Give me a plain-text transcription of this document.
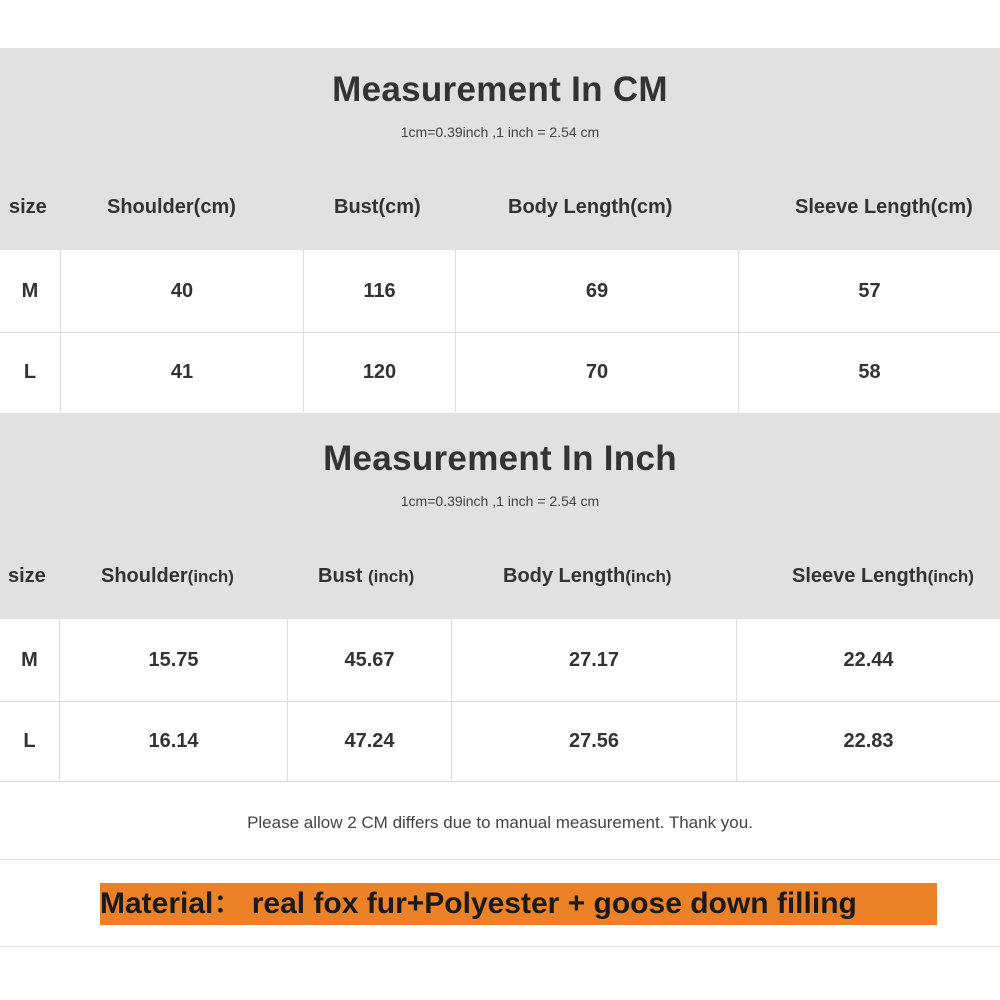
Measurement In CM
1cm=0.39inch ,1 inch = 2.54 cm
size	Shoulder(cm)	Bust(cm)	Body Length(cm)	Sleeve Length(cm)
M	40	116	69	57
L	41	120	70	58
Measurement In Inch
1cm=0.39inch ,1 inch = 2.54 cm
size	Shoulder(inch)	Bust (inch)	Body Length(inch)	Sleeve Length(inch)
M	15.75	45.67	27.17	22.44
L	16.14	47.24	27.56	22.83
Please allow 2 CM differs due to manual measurement. Thank you.
Material： real fox fur+Polyester + goose down filling
